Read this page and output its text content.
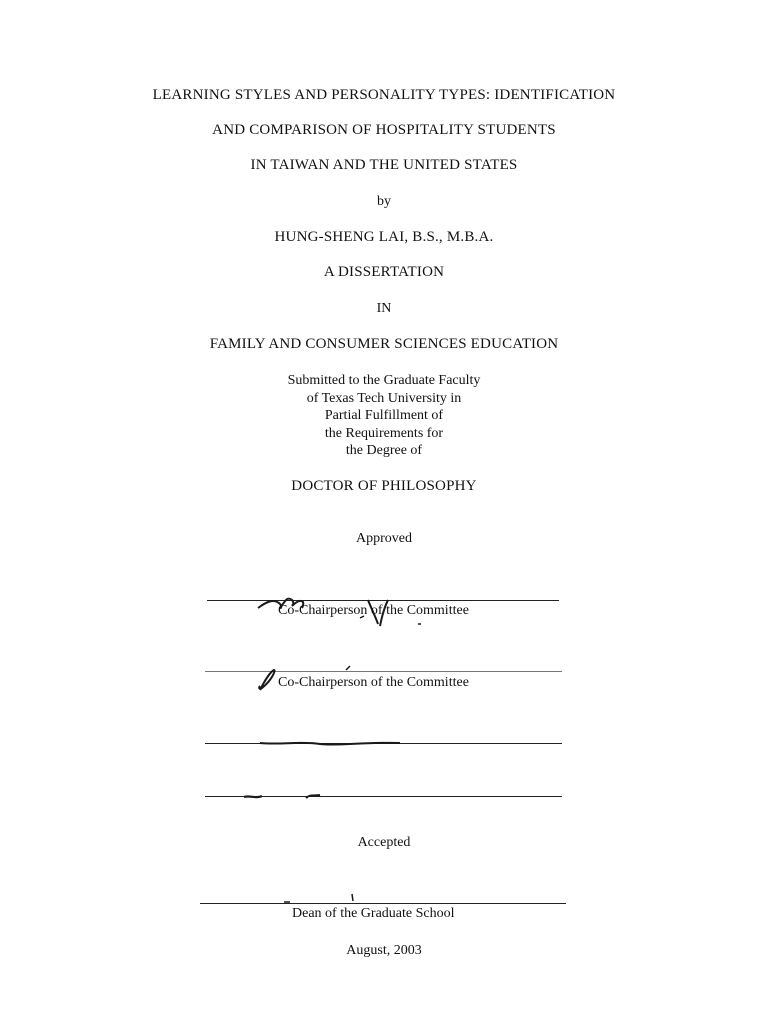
LEARNING STYLES AND PERSONALITY TYPES: IDENTIFICATION
AND COMPARISON OF HOSPITALITY STUDENTS
IN TAIWAN AND THE UNITED STATES
by
HUNG-SHENG LAI, B.S., M.B.A.
A DISSERTATION
IN
FAMILY AND CONSUMER SCIENCES EDUCATION
Submitted to the Graduate Faculty
of Texas Tech University in
Partial Fulfillment of
the Requirements for
the Degree of
DOCTOR OF PHILOSOPHY
Approved
Co-Chairperson of the Committee
Co-Chairperson of the Committee
Accepted
Dean of the Graduate School
August, 2003
